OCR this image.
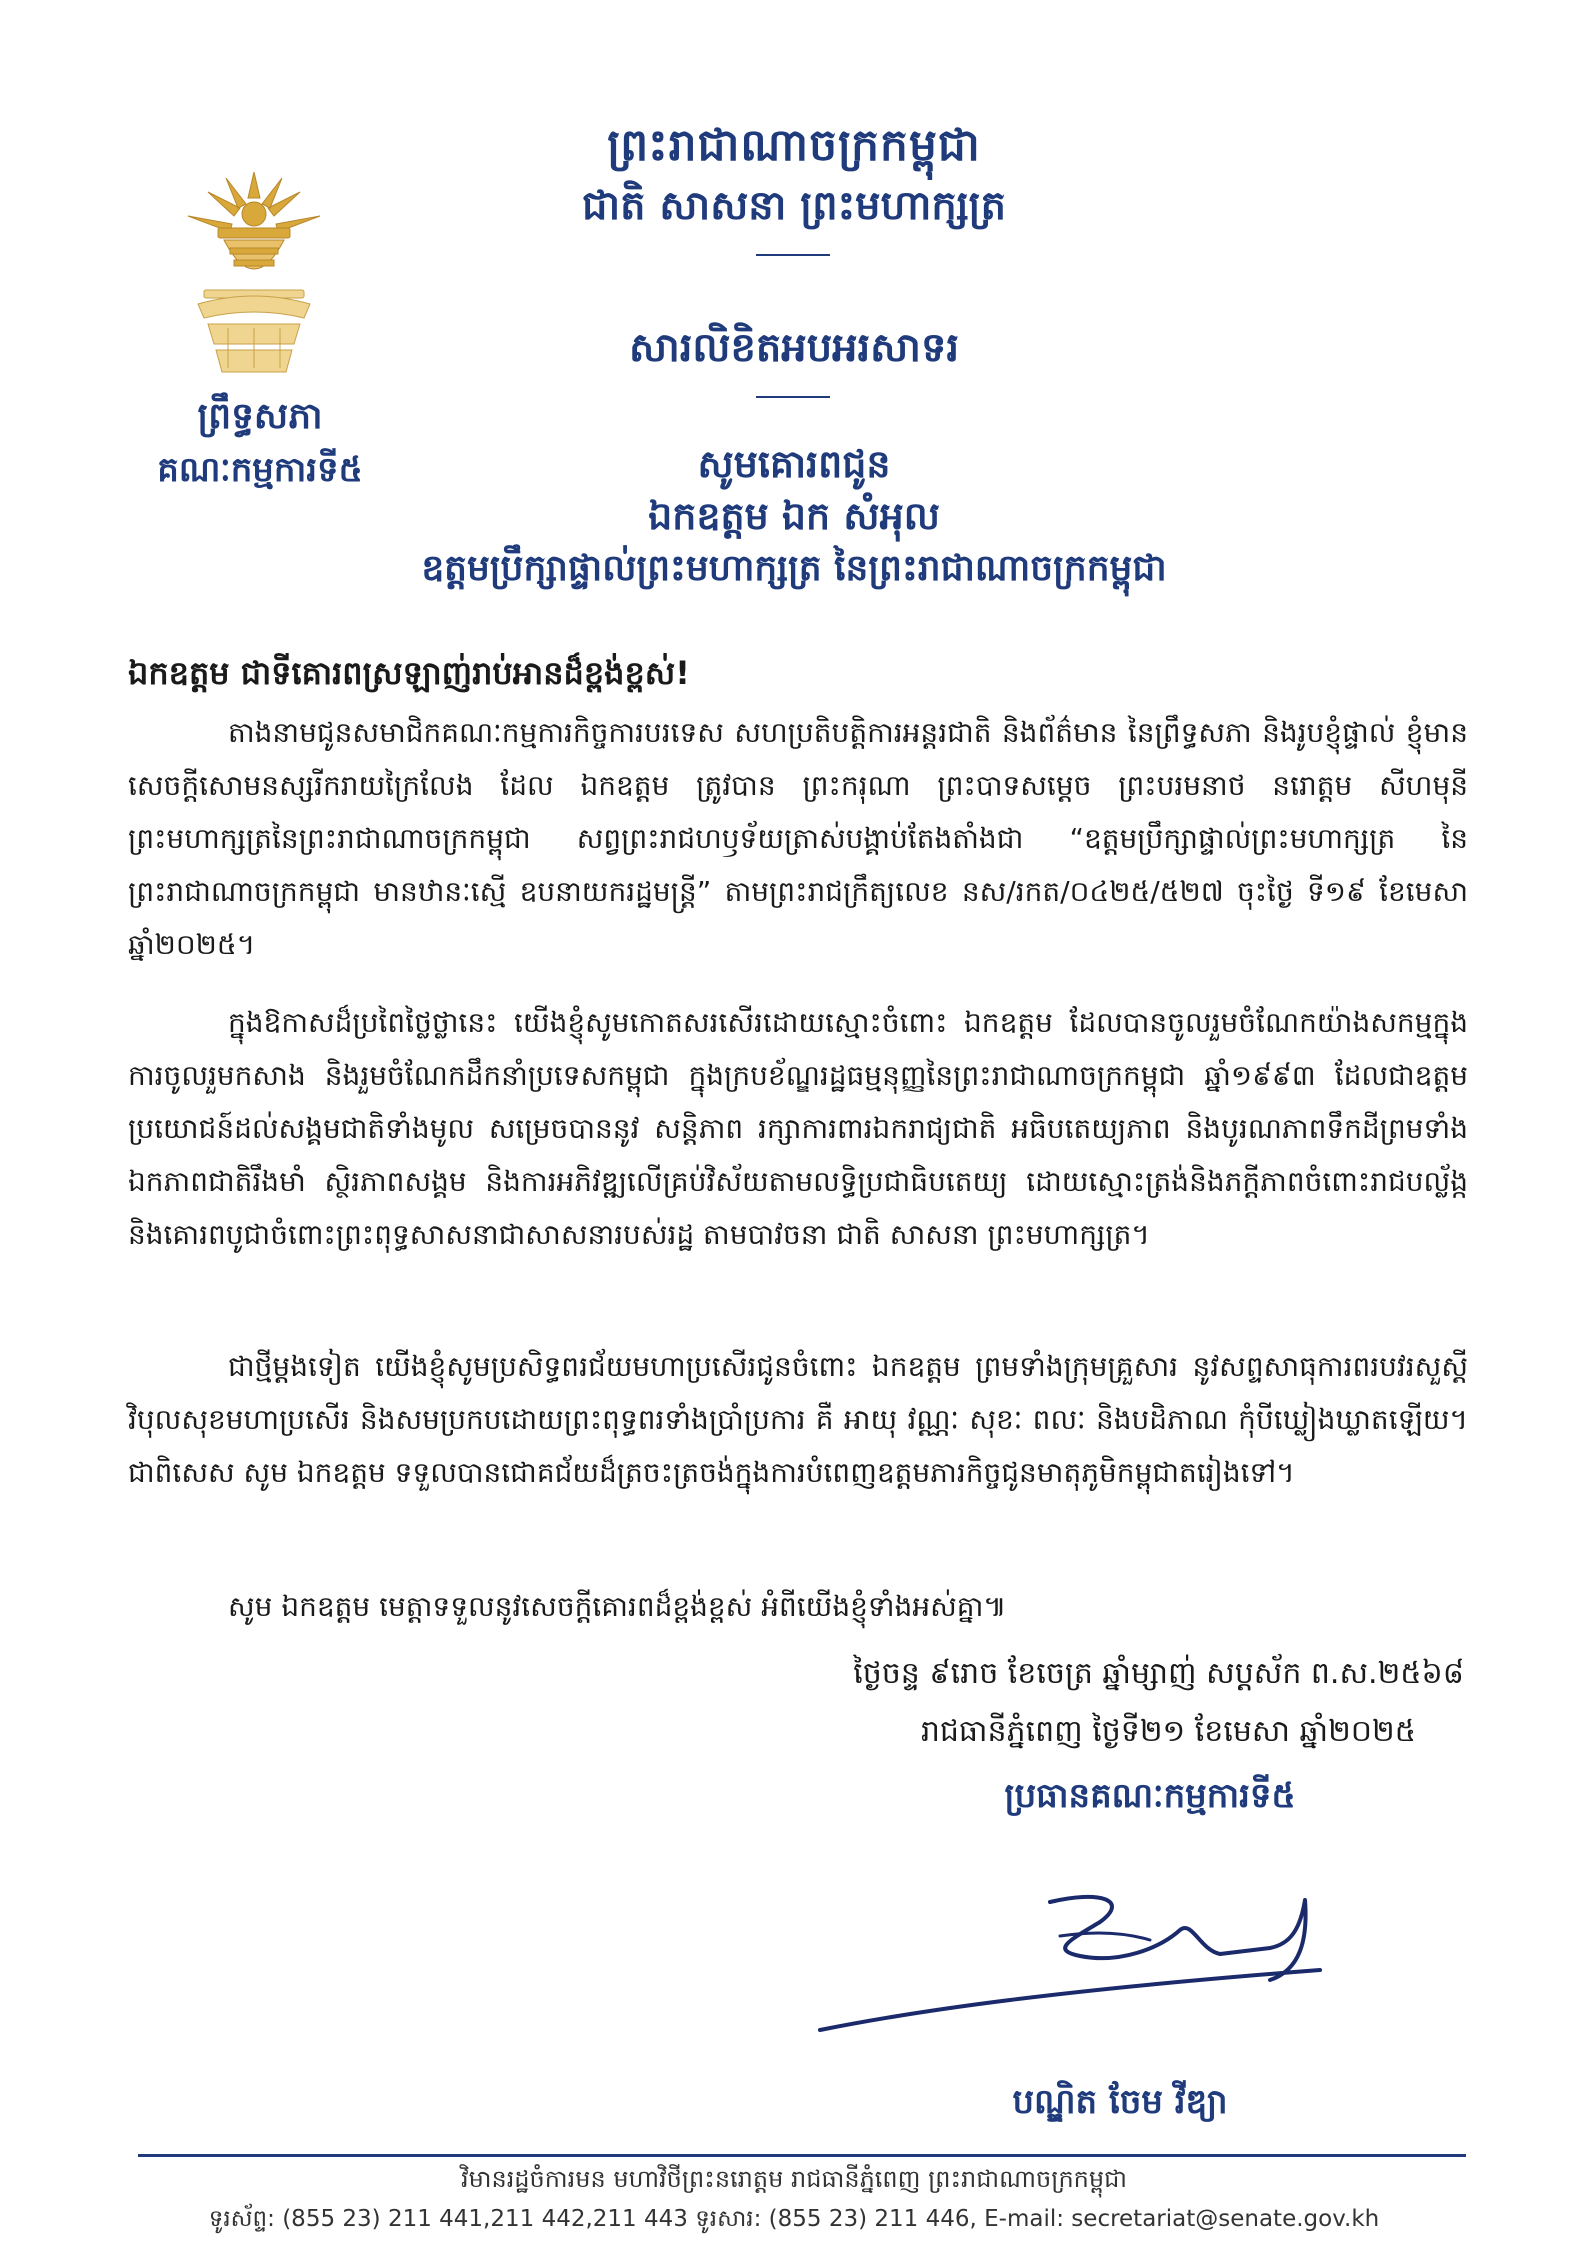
ព្រឹទ្ធសភា
គណៈកម្មការទី៥
ព្រះរាជាណាចក្រកម្ពុជា
ជាតិ សាសនា ព្រះមហាក្សត្រ
សារលិខិតអបអរសាទរ
សូមគោរពជូន
ឯកឧត្តម ឯក សំអុល
ឧត្តមប្រឹក្សាផ្ទាល់ព្រះមហាក្សត្រ នៃព្រះរាជាណាចក្រកម្ពុជា
ឯកឧត្តម ជាទីគោរពស្រឡាញ់រាប់អានដ៏ខ្ពង់ខ្ពស់!
តាងនាមជូនសមាជិកគណៈកម្មការកិច្ចការបរទេស សហប្រតិបត្តិការអន្តរជាតិ និងព័ត៌មាន នៃព្រឹទ្ធសភា និងរូបខ្ញុំផ្ទាល់ ខ្ញុំមានសេចក្ដីសោមនស្សរីករាយក្រៃលែង ដែល ឯកឧត្តម ត្រូវបាន ព្រះករុណា ព្រះបាទសម្ដេច ព្រះបរមនាថ នរោត្តម សីហមុនី ព្រះមហាក្សត្រនៃព្រះរាជាណាចក្រកម្ពុជា សព្វព្រះរាជហឫទ័យត្រាស់បង្គាប់តែងតាំងជា “ឧត្តមប្រឹក្សាផ្ទាល់ព្រះមហាក្សត្រ នៃព្រះរាជាណាចក្រកម្ពុជា មានឋានៈស្មើ ឧបនាយករដ្ឋមន្ត្រី” តាមព្រះរាជក្រឹត្យលេខ នស/រកត/០៤២៥/៥២៧ ចុះថ្ងៃ ទី១៩ ខែមេសា ឆ្នាំ២០២៥។
ក្នុងឱកាសដ៏ប្រពៃថ្លៃថ្លានេះ យើងខ្ញុំសូមកោតសរសើរដោយស្មោះចំពោះ ឯកឧត្តម ដែលបានចូលរួមចំណែកយ៉ាងសកម្មក្នុងការចូលរួមកសាង និងរួមចំណែកដឹកនាំប្រទេសកម្ពុជា ក្នុងក្របខ័ណ្ឌរដ្ឋធម្មនុញ្ញនៃព្រះរាជាណាចក្រកម្ពុជា ឆ្នាំ១៩៩៣ ដែលជាឧត្តមប្រយោជន៍ដល់សង្គមជាតិទាំងមូល សម្រេចបាននូវ សន្តិភាព រក្សាការពារឯករាជ្យជាតិ អធិបតេយ្យភាព និងបូរណភាពទឹកដីព្រមទាំងឯកភាពជាតិរឹងមាំ ស្ថិរភាពសង្គម និងការអភិវឌ្ឍលើគ្រប់វិស័យតាមលទ្ធិប្រជាធិបតេយ្យ ដោយស្មោះត្រង់និងភក្ដីភាពចំពោះរាជបល្ល័ង្ក និងគោរពបូជាចំពោះព្រះពុទ្ធសាសនាជាសាសនារបស់រដ្ឋ តាមបាវចនា ជាតិ សាសនា ព្រះមហាក្សត្រ។
ជាថ្មីម្ដងទៀត យើងខ្ញុំសូមប្រសិទ្ធពរជ័យមហាប្រសើរជូនចំពោះ ឯកឧត្តម ព្រមទាំងក្រុមគ្រួសារ នូវសព្ទសាធុការពរបវរសួស្ដីវិបុលសុខមហាប្រសើរ និងសមប្រកបដោយព្រះពុទ្ធពរទាំងប្រាំប្រការ គឺ អាយុ វណ្ណៈ សុខៈ ពលៈ និងបដិភាណ កុំបីឃ្លៀងឃ្លាតឡើយ។ ជាពិសេស សូម ឯកឧត្តម ទទួលបានជោគជ័យដ៏ត្រចះត្រចង់ក្នុងការបំពេញឧត្តមភារកិច្ចជូនមាតុភូមិកម្ពុជាតរៀងទៅ។
សូម ឯកឧត្តម មេត្តាទទួលនូវសេចក្ដីគោរពដ៏ខ្ពង់ខ្ពស់ អំពីយើងខ្ញុំទាំងអស់គ្នា៕
ថ្ងៃចន្ទ ៩រោច ខែចេត្រ ឆ្នាំម្សាញ់ សប្តស័ក ព.ស.២៥៦៨
រាជធានីភ្នំពេញ ថ្ងៃទី២១ ខែមេសា ឆ្នាំ២០២៥
ប្រធានគណៈកម្មការទី៥
បណ្ឌិត ចែម វីឌ្យា
វិមានរដ្ឋចំការមន មហាវិថីព្រះនរោត្តម រាជធានីភ្នំពេញ ព្រះរាជាណាចក្រកម្ពុជា
ទូរស័ព្ទ: (855 23) 211 441,211 442,211 443 ទូរសារ: (855 23) 211 446, E-mail: secretariat@senate.gov.kh
